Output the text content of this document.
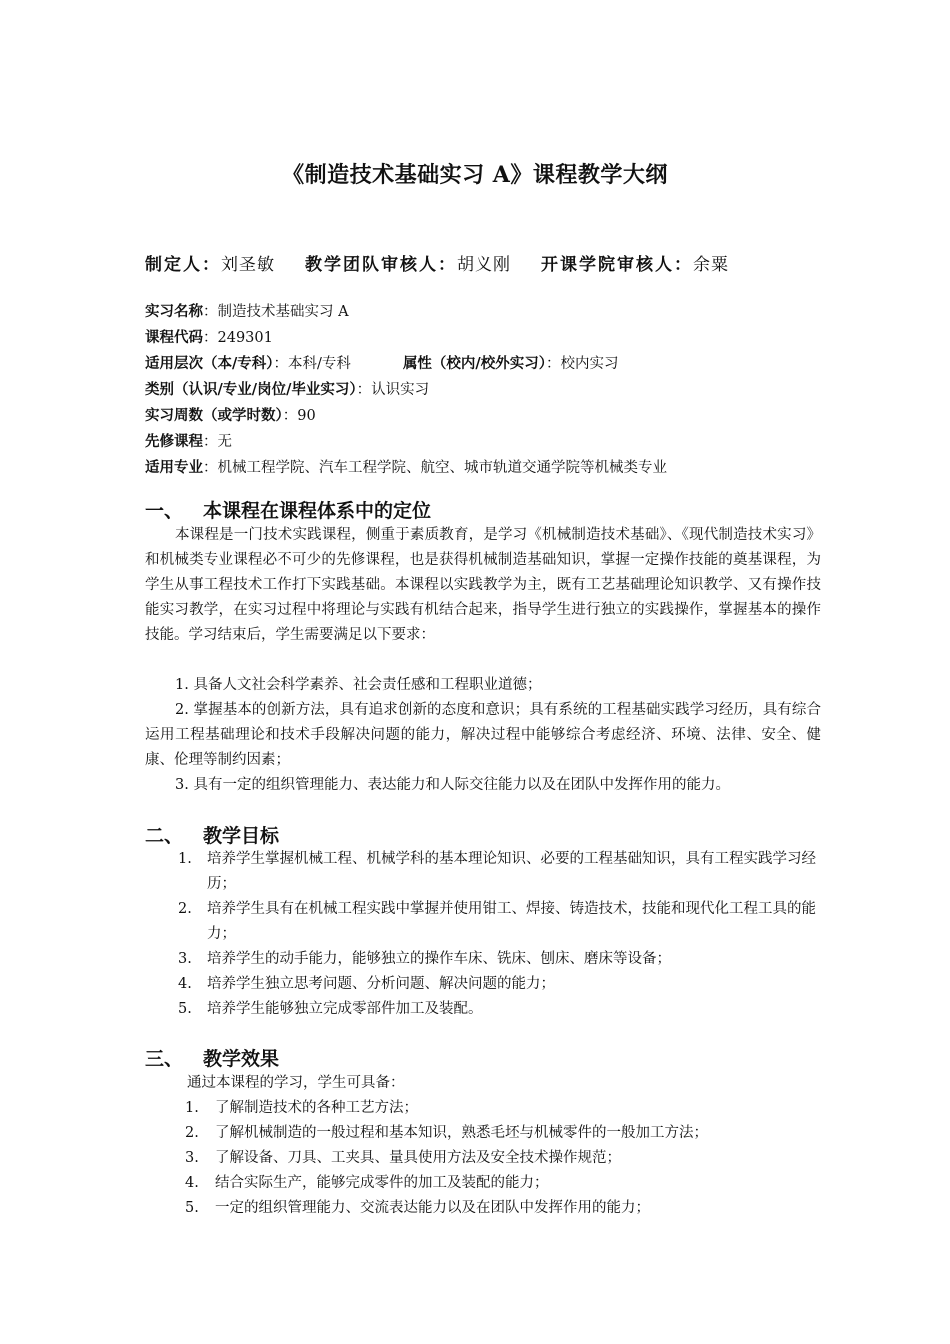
《制造技术基础实习 A》课程教学大纲
制定人：刘圣敏 教学团队审核人：胡义刚 开课学院审核人：余粟
实习名称：制造技术基础实习 A
课程代码：249301
适用层次（本/专科）：本科/专科	属性（校内/校外实习）：校内实习
类别（认识/专业/岗位/毕业实习）：认识实习
实习周数（或学时数）：90
先修课程：无
适用专业：机械工程学院、汽车工程学院、航空、城市轨道交通学院等机械类专业
一、 本课程在课程体系中的定位
本课程是一门技术实践课程，侧重于素质教育，是学习《机械制造技术基础》、《现代制造技术实习》和机械类专业课程必不可少的先修课程，也是获得机械制造基础知识，掌握一定操作技能的奠基课程，为学生从事工程技术工作打下实践基础。本课程以实践教学为主，既有工艺基础理论知识教学、又有操作技能实习教学，在实习过程中将理论与实践有机结合起来，指导学生进行独立的实践操作，掌握基本的操作技能。学习结束后，学生需要满足以下要求：
1. 具备人文社会科学素养、社会责任感和工程职业道德；
2. 掌握基本的创新方法，具有追求创新的态度和意识；具有系统的工程基础实践学习经历，具有综合运用工程基础理论和技术手段解决问题的能力，解决过程中能够综合考虑经济、环境、法律、安全、健康、伦理等制约因素；
3. 具有一定的组织管理能力、表达能力和人际交往能力以及在团队中发挥作用的能力。
二、 教学目标
1. 培养学生掌握机械工程、机械学科的基本理论知识、必要的工程基础知识，具有工程实践学习经历；
2. 培养学生具有在机械工程实践中掌握并使用钳工、焊接、铸造技术，技能和现代化工程工具的能力；
3. 培养学生的动手能力，能够独立的操作车床、铣床、刨床、磨床等设备；
4. 培养学生独立思考问题、分析问题、解决问题的能力；
5. 培养学生能够独立完成零部件加工及装配。
三、 教学效果
通过本课程的学习，学生可具备：
1. 了解制造技术的各种工艺方法；
2. 了解机械制造的一般过程和基本知识，熟悉毛坯与机械零件的一般加工方法；
3. 了解设备、刀具、工夹具、量具使用方法及安全技术操作规范；
4. 结合实际生产，能够完成零件的加工及装配的能力；
5. 一定的组织管理能力、交流表达能力以及在团队中发挥作用的能力；
